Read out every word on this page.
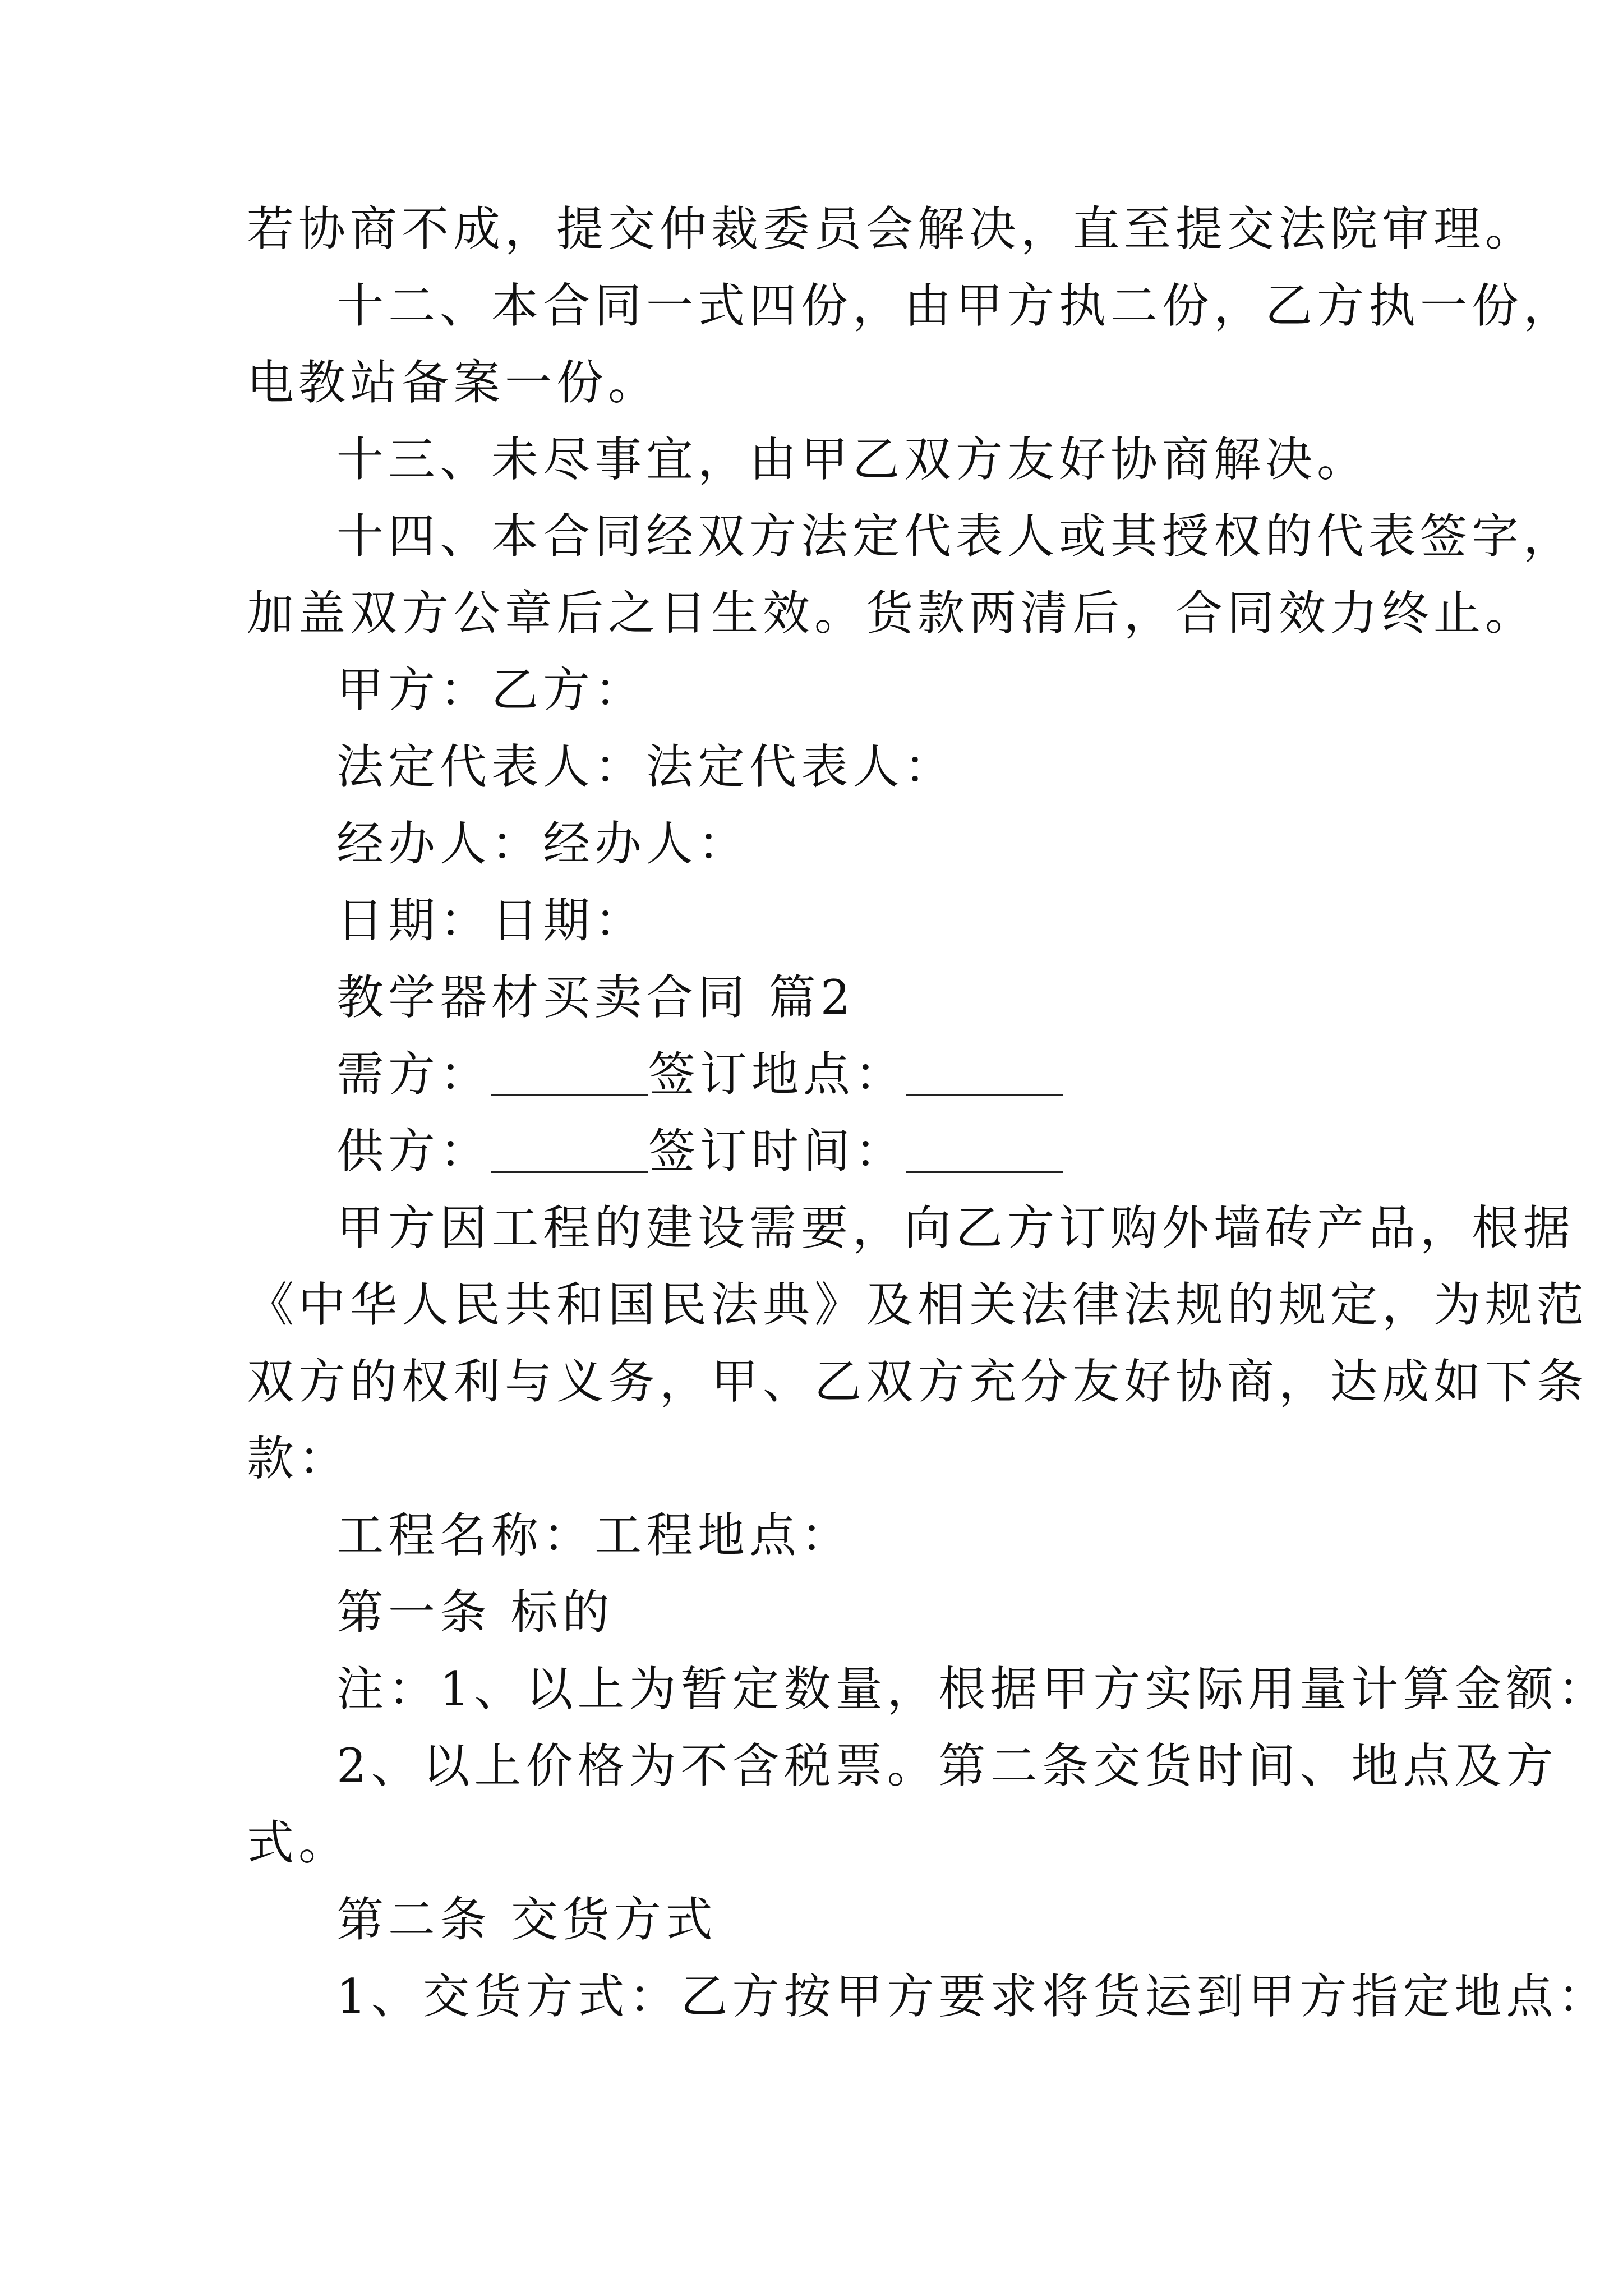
若协商不成，提交仲裁委员会解决，直至提交法院审理。

十二、本合同一式四份，由甲方执二份，乙方执一份，

电教站备案一份。

十三、未尽事宜，由甲乙双方友好协商解决。

十四、本合同经双方法定代表人或其授权的代表签字，

加盖双方公章后之日生效。货款两清后，合同效力终止。

甲方：乙方：

法定代表人：法定代表人：

经办人：经办人：

日期：日期：

教学器材买卖合同 篇2

需方：	签订地点：

供方：	签订时间：

甲方因工程的建设需要，向乙方订购外墙砖产品，根据

《中华人民共和国民法典》及相关法律法规的规定，为规范

双方的权利与义务，甲、乙双方充分友好协商，达成如下条

款：

工程名称：工程地点：

第一条 标的

注：1、以上为暂定数量，根据甲方实际用量计算金额：

2、以上价格为不含税票。第二条交货时间、地点及方

式。

第二条 交货方式

1、交货方式：乙方按甲方要求将货运到甲方指定地点：
